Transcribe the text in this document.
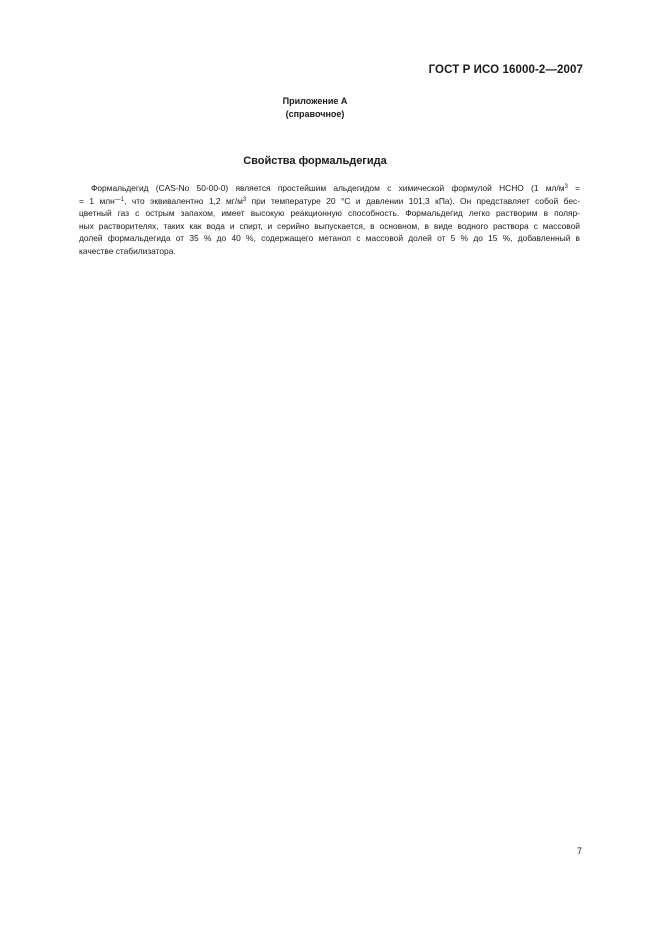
ГОСТ Р ИСО 16000-2—2007
Приложение А
(справочное)
Свойства формальдегида
Формальдегид (CAS-No 50-00-0) является простейшим альдегидом с химической формулой НСНО (1 $мл/м^3$ =
= 1 млн$^{—1}$, что эквивалентно 1,2 $мг/м^3$ при температуре 20 °С и давлении 101,3 кПа). Он представляет собой бес-
цветный газ с острым запахом, имеет высокую реакционную способность. Формальдегид легко растворим в поляр-
ных растворителях, таких как вода и спирт, и серийно выпускается, в основном, в виде водного раствора с массовой
долей формальдегида от 35 % до 40 %, содержащего метанол с массовой долей от 5 % до 15 %, добавленный в
качестве стабилизатора.
7
